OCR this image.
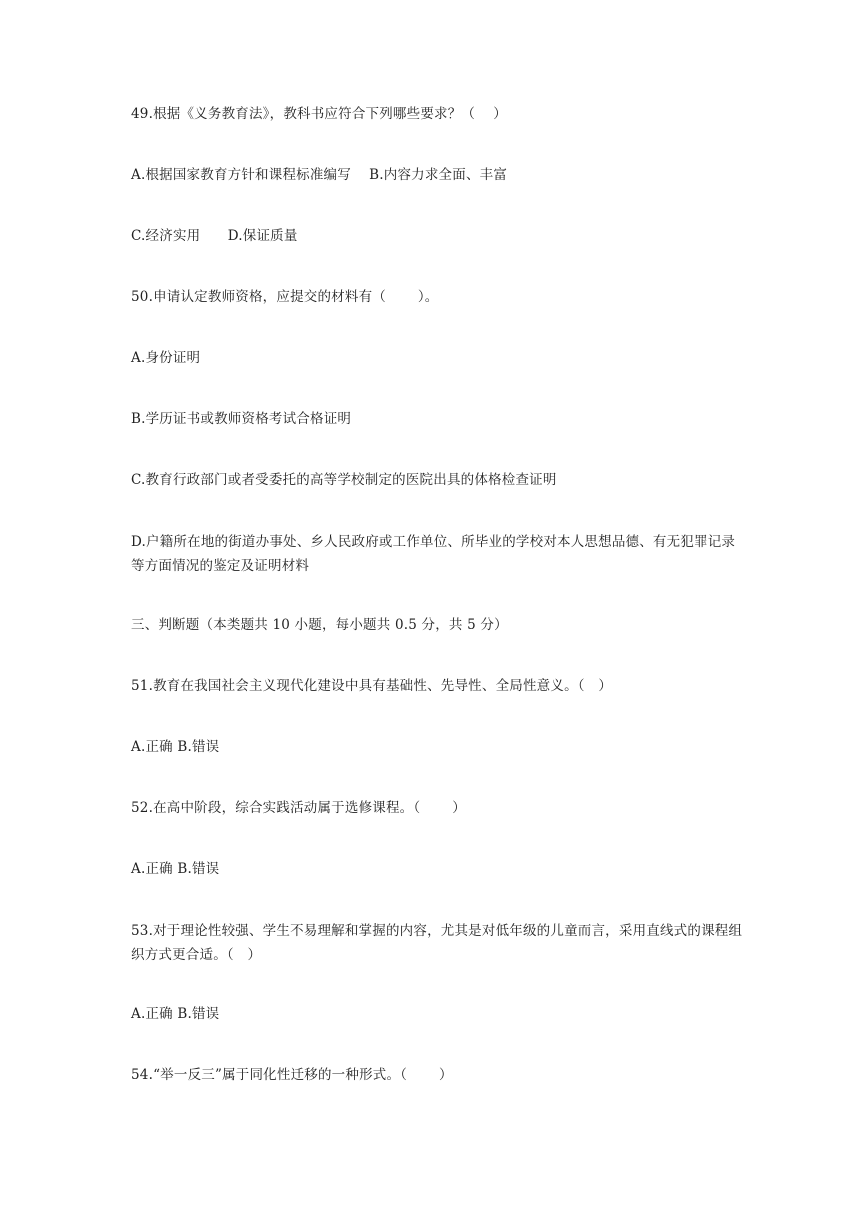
49.根据《义务教育法》，教科书应符合下列哪些要求？（　 ）
A.根据国家教育方针和课程标准编写　 B.内容力求全面、丰富
C.经济实用　　D.保证质量
50.申请认定教师资格，应提交的材料有（　　 ）。
A.身份证明
B.学历证书或教师资格考试合格证明
C.教育行政部门或者受委托的高等学校制定的医院出具的体格检查证明
D.户籍所在地的街道办事处、乡人民政府或工作单位、所毕业的学校对本人思想品德、有无犯罪记录等方面情况的鉴定及证明材料
三、判断题（本类题共 10 小题，每小题共 0.5 分，共 5 分）
51.教育在我国社会主义现代化建设中具有基础性、先导性、全局性意义。（　）
A.正确 B.错误
52.在高中阶段，综合实践活动属于选修课程。（　　 ）
A.正确 B.错误
53.对于理论性较强、学生不易理解和掌握的内容，尤其是对低年级的儿童而言，采用直线式的课程组织方式更合适。（　）
A.正确 B.错误
54.“举一反三”属于同化性迁移的一种形式。（　　 ）
